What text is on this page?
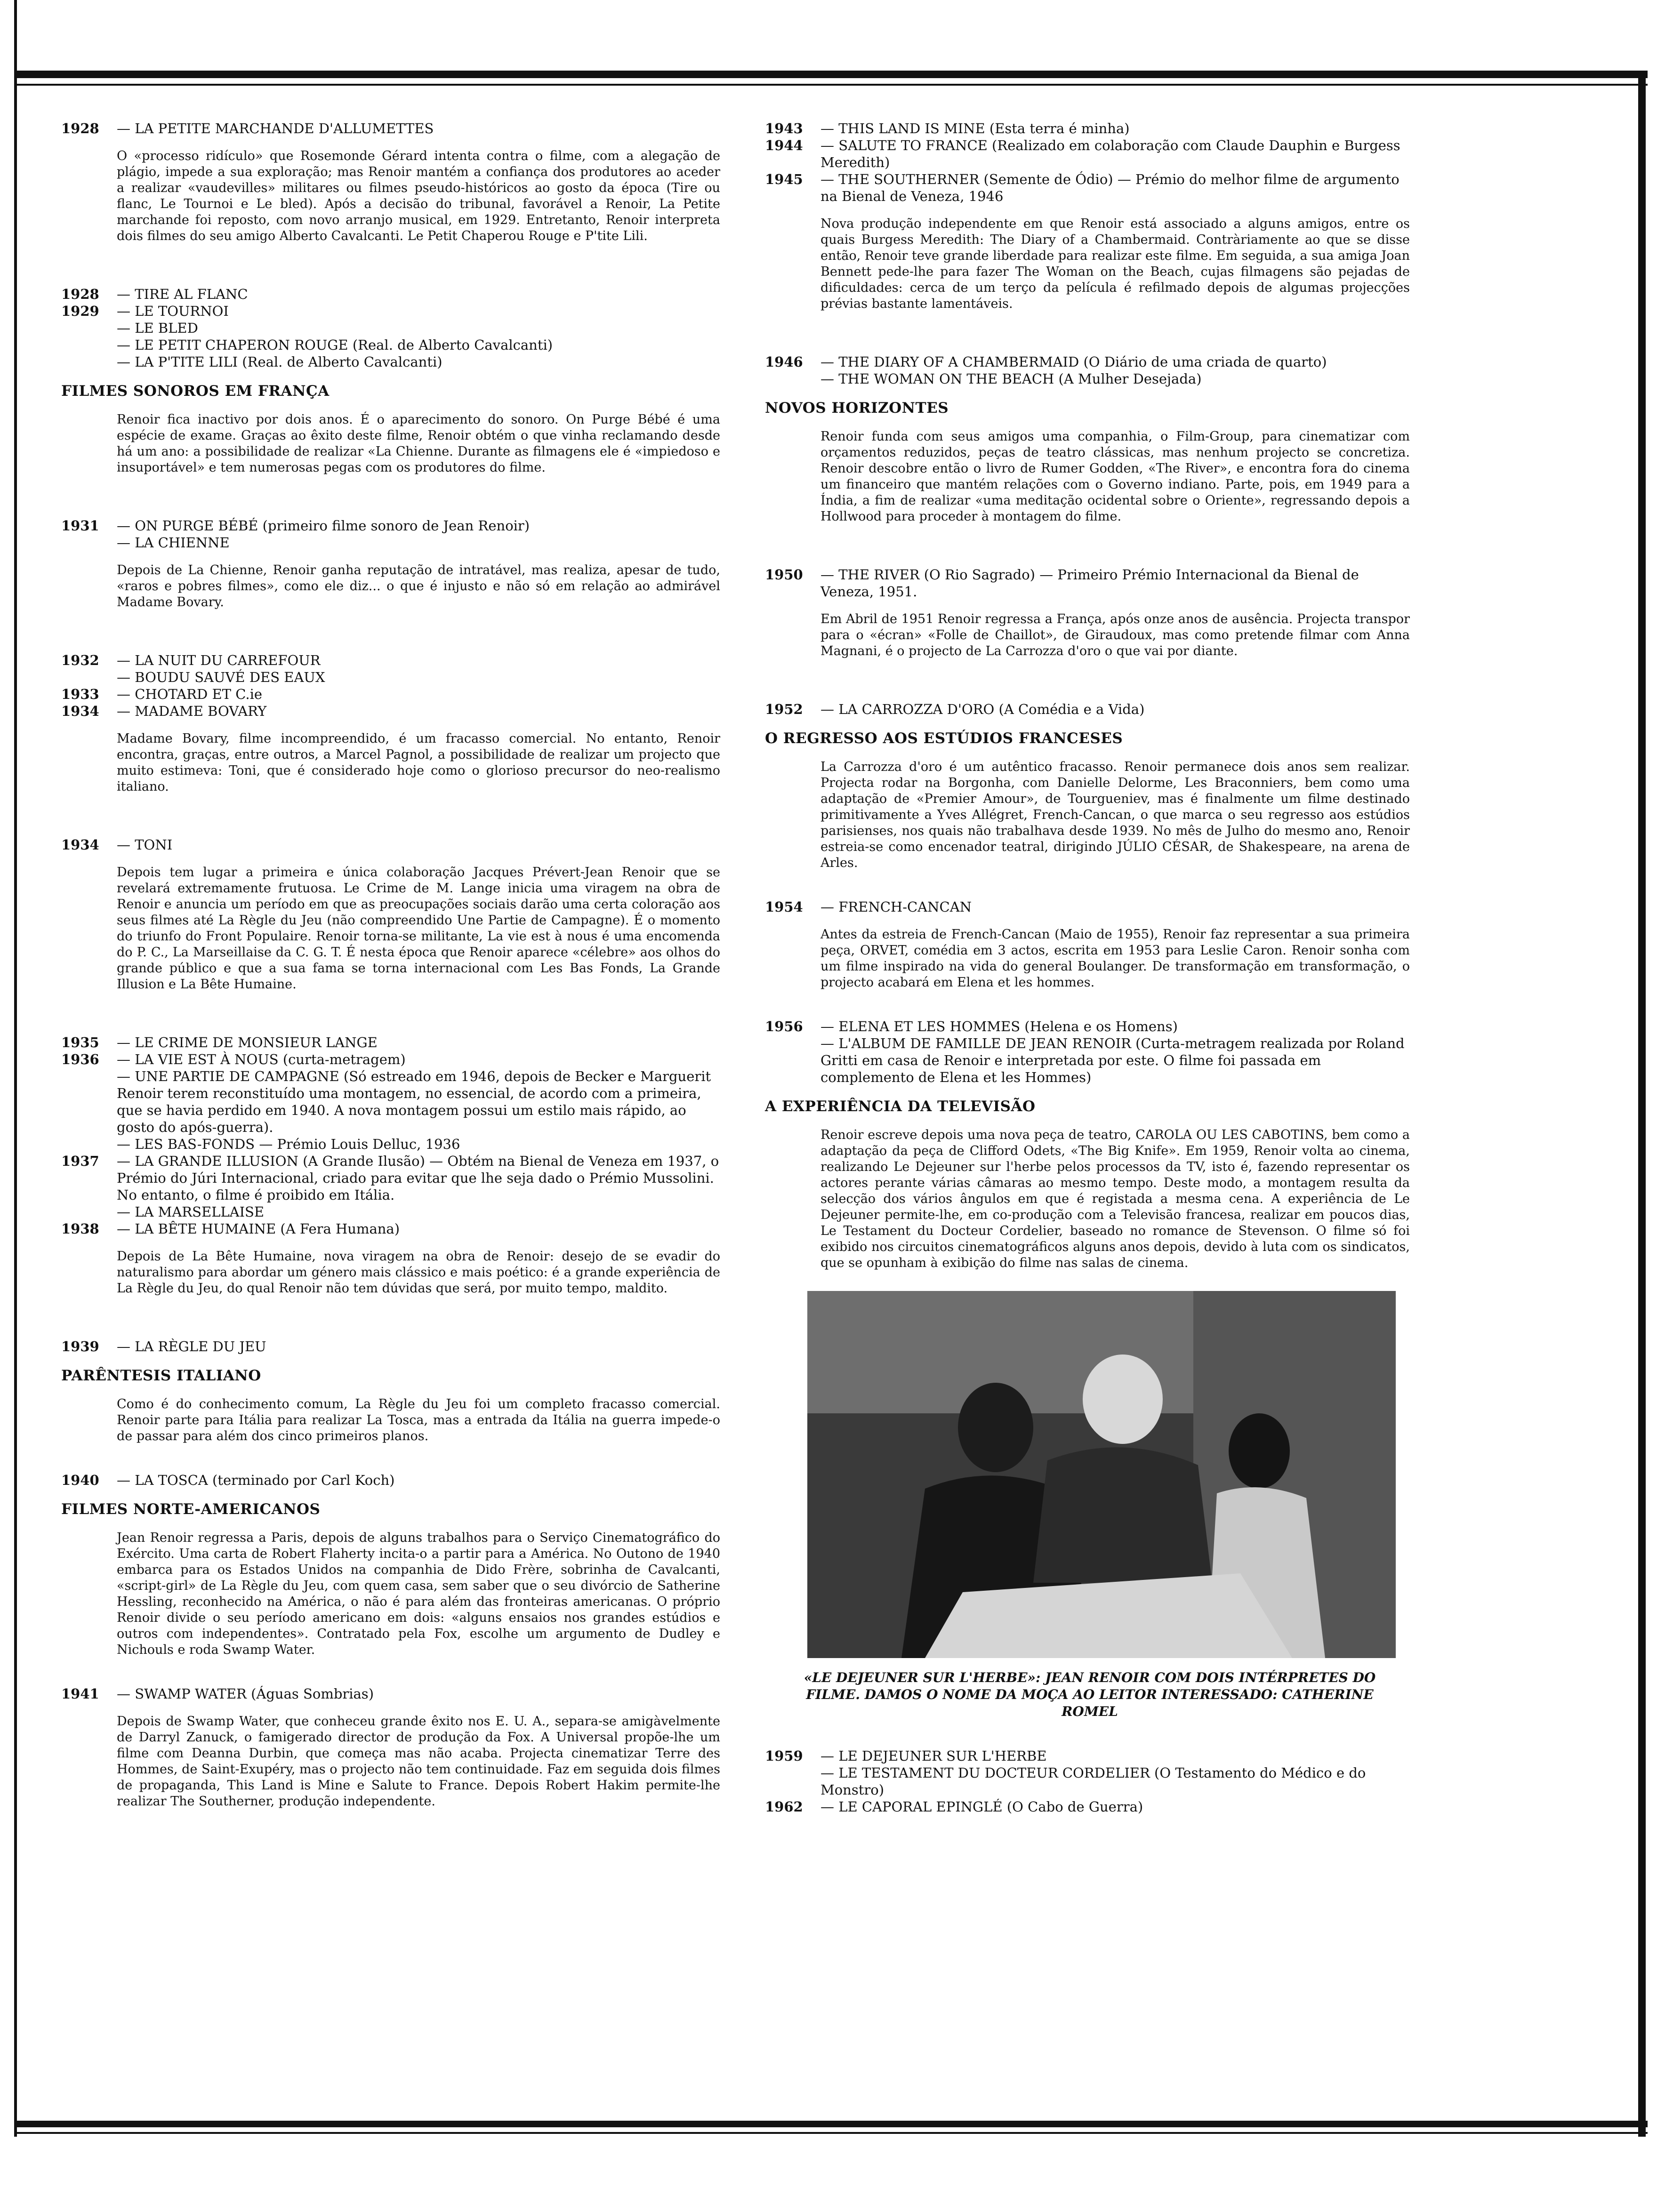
1928	— LA PETITE MARCHANDE D'ALLUMETTES

O «processo ridículo» que Rosemonde Gérard intenta contra o filme, com a alegação de plágio, impede a sua exploração; mas Renoir mantém a confiança dos produtores ao aceder a realizar «vaudevilles» militares ou filmes pseudo-históricos ao gosto da época (Tire ou flanc, Le Tournoi e Le bled). Após a decisão do tribunal, favorável a Renoir, La Petite marchande foi reposto, com novo arranjo musical, em 1929. Entretanto, Renoir interpreta dois filmes do seu amigo Alberto Cavalcanti. Le Petit Chaperou Rouge e P'tite Lili.

1928	— TIRE AL FLANC
1929	— LE TOURNOI
— LE BLED
— LE PETIT CHAPERON ROUGE (Real. de Alberto Cavalcanti)
— LA P'TITE LILI (Real. de Alberto Cavalcanti)
FILMES SONOROS EM FRANÇA

Renoir fica inactivo por dois anos. É o aparecimento do sonoro. On Purge Bébé é uma espécie de exame. Graças ao êxito deste filme, Renoir obtém o que vinha reclamando desde há um ano: a possibilidade de realizar «La Chienne. Durante as filmagens ele é «impiedoso e insuportável» e tem numerosas pegas com os produtores do filme.

1931	— ON PURGE BÉBÉ (primeiro filme sonoro de Jean Renoir)
— LA CHIENNE

Depois de La Chienne, Renoir ganha reputação de intratável, mas realiza, apesar de tudo, «raros e pobres filmes», como ele diz... o que é injusto e não só em relação ao admirável Madame Bovary.

1932	— LA NUIT DU CARREFOUR
— BOUDU SAUVÉ DES EAUX
1933	— CHOTARD ET C.ie
1934	— MADAME BOVARY

Madame Bovary, filme incompreendido, é um fracasso comercial. No entanto, Renoir encontra, graças, entre outros, a Marcel Pagnol, a possibilidade de realizar um projecto que muito estimeva: Toni, que é considerado hoje como o glorioso precursor do neo-realismo italiano.

1934	— TONI

Depois tem lugar a primeira e única colaboração Jacques Prévert-Jean Renoir que se revelará extremamente frutuosa. Le Crime de M. Lange inicia uma viragem na obra de Renoir e anuncia um período em que as preocupações sociais darão uma certa coloração aos seus filmes até La Règle du Jeu (não compreendido Une Partie de Campagne). É o momento do triunfo do Front Populaire. Renoir torna-se militante, La vie est à nous é uma encomenda do P. C., La Marseillaise da C. G. T. É nesta época que Renoir aparece «célebre» aos olhos do grande público e que a sua fama se torna internacional com Les Bas Fonds, La Grande Illusion e La Bête Humaine.

1935	— LE CRIME DE MONSIEUR LANGE
1936	— LA VIE EST À NOUS (curta-metragem)
— UNE PARTIE DE CAMPAGNE (Só estreado em 1946, depois de Becker e Marguerit Renoir terem reconstituído uma montagem, no essencial, de acordo com a primeira, que se havia perdido em 1940. A nova montagem possui um estilo mais rápido, ao gosto do após-guerra).
— LES BAS-FONDS — Prémio Louis Delluc, 1936
1937	— LA GRANDE ILLUSION (A Grande Ilusão) — Obtém na Bienal de Veneza em 1937, o Prémio do Júri Internacional, criado para evitar que lhe seja dado o Prémio Mussolini. No entanto, o filme é proibido em Itália.
— LA MARSELLAISE
1938	— LA BÊTE HUMAINE (A Fera Humana)

Depois de La Bête Humaine, nova viragem na obra de Renoir: desejo de se evadir do naturalismo para abordar um género mais clássico e mais poético: é a grande experiência de La Règle du Jeu, do qual Renoir não tem dúvidas que será, por muito tempo, maldito.

1939	— LA RÈGLE DU JEU
PARÊNTESIS ITALIANO

Como é do conhecimento comum, La Règle du Jeu foi um completo fracasso comercial. Renoir parte para Itália para realizar La Tosca, mas a entrada da Itália na guerra impede-o de passar para além dos cinco primeiros planos.

1940	— LA TOSCA (terminado por Carl Koch)
FILMES NORTE-AMERICANOS

Jean Renoir regressa a Paris, depois de alguns trabalhos para o Serviço Cinematográfico do Exército. Uma carta de Robert Flaherty incita-o a partir para a América. No Outono de 1940 embarca para os Estados Unidos na companhia de Dido Frère, sobrinha de Cavalcanti, «script-girl» de La Règle du Jeu, com quem casa, sem saber que o seu divórcio de Satherine Hessling, reconhecido na América, o não é para além das fronteiras americanas. O próprio Renoir divide o seu período americano em dois: «alguns ensaios nos grandes estúdios e outros com independentes». Contratado pela Fox, escolhe um argumento de Dudley e Nichouls e roda Swamp Water.

1941	— SWAMP WATER (Águas Sombrias)

Depois de Swamp Water, que conheceu grande êxito nos E. U. A., separa-se amigàvelmente de Darryl Zanuck, o famigerado director de produção da Fox. A Universal propõe-lhe um filme com Deanna Durbin, que começa mas não acaba. Projecta cinematizar Terre des Hommes, de Saint-Exupéry, mas o projecto não tem continuidade. Faz em seguida dois filmes de propaganda, This Land is Mine e Salute to France. Depois Robert Hakim permite-lhe realizar The Southerner, produção independente.

1943	— THIS LAND IS MINE (Esta terra é minha)
1944	— SALUTE TO FRANCE (Realizado em colaboração com Claude Dauphin e Burgess Meredith)
1945	— THE SOUTHERNER (Semente de Ódio) — Prémio do melhor filme de argumento na Bienal de Veneza, 1946

Nova produção independente em que Renoir está associado a alguns amigos, entre os quais Burgess Meredith: The Diary of a Chambermaid. Contràriamente ao que se disse então, Renoir teve grande liberdade para realizar este filme. Em seguida, a sua amiga Joan Bennett pede-lhe para fazer The Woman on the Beach, cujas filmagens são pejadas de dificuldades: cerca de um terço da película é refilmado depois de algumas projecções prévias bastante lamentáveis.

1946	— THE DIARY OF A CHAMBERMAID (O Diário de uma criada de quarto)
— THE WOMAN ON THE BEACH (A Mulher Desejada)
NOVOS HORIZONTES

Renoir funda com seus amigos uma companhia, o Film-Group, para cinematizar com orçamentos reduzidos, peças de teatro clássicas, mas nenhum projecto se concretiza. Renoir descobre então o livro de Rumer Godden, «The River», e encontra fora do cinema um financeiro que mantém relações com o Governo indiano. Parte, pois, em 1949 para a Índia, a fim de realizar «uma meditação ocidental sobre o Oriente», regressando depois a Hollwood para proceder à montagem do filme.

1950	— THE RIVER (O Rio Sagrado) — Primeiro Prémio Internacional da Bienal de Veneza, 1951.

Em Abril de 1951 Renoir regressa a França, após onze anos de ausência. Projecta transpor para o «écran» «Folle de Chaillot», de Giraudoux, mas como pretende filmar com Anna Magnani, é o projecto de La Carrozza d'oro o que vai por diante.

1952	— LA CARROZZA D'ORO (A Comédia e a Vida)
O REGRESSO AOS ESTÚDIOS FRANCESES

La Carrozza d'oro é um autêntico fracasso. Renoir permanece dois anos sem realizar. Projecta rodar na Borgonha, com Danielle Delorme, Les Braconniers, bem como uma adaptação de «Premier Amour», de Tourgueniev, mas é finalmente um filme destinado primitivamente a Yves Allégret, French-Cancan, o que marca o seu regresso aos estúdios parisienses, nos quais não trabalhava desde 1939. No mês de Julho do mesmo ano, Renoir estreia-se como encenador teatral, dirigindo JÚLIO CÉSAR, de Shakespeare, na arena de Arles.

1954	— FRENCH-CANCAN

Antes da estreia de French-Cancan (Maio de 1955), Renoir faz representar a sua primeira peça, ORVET, comédia em 3 actos, escrita em 1953 para Leslie Caron. Renoir sonha com um filme inspirado na vida do general Boulanger. De transformação em transformação, o projecto acabará em Elena et les hommes.

1956	— ELENA ET LES HOMMES (Helena e os Homens)
— L'ALBUM DE FAMILLE DE JEAN RENOIR (Curta-metragem realizada por Roland Gritti em casa de Renoir e interpretada por este. O filme foi passada em complemento de Elena et les Hommes)
A EXPERIÊNCIA DA TELEVISÃO

Renoir escreve depois uma nova peça de teatro, CAROLA OU LES CABOTINS, bem como a adaptação da peça de Clifford Odets, «The Big Knife». Em 1959, Renoir volta ao cinema, realizando Le Dejeuner sur l'herbe pelos processos da TV, isto é, fazendo representar os actores perante várias câmaras ao mesmo tempo. Deste modo, a montagem resulta da selecção dos vários ângulos em que é registada a mesma cena. A experiência de Le Dejeuner permite-lhe, em co-produção com a Televisão francesa, realizar em poucos dias, Le Testament du Docteur Cordelier, baseado no romance de Stevenson. O filme só foi exibido nos circuitos cinematográficos alguns anos depois, devido à luta com os sindicatos, que se opunham à exibição do filme nas salas de cinema.

«LE DEJEUNER SUR L'HERBE»: JEAN RENOIR COM DOIS INTÉRPRETES DO FILME. DAMOS O NOME DA MOÇA AO LEITOR INTERESSADO: CATHERINE ROMEL
1959	— LE DEJEUNER SUR L'HERBE
— LE TESTAMENT DU DOCTEUR CORDELIER (O Testamento do Médico e do Monstro)
1962	— LE CAPORAL EPINGLÉ (O Cabo de Guerra)
